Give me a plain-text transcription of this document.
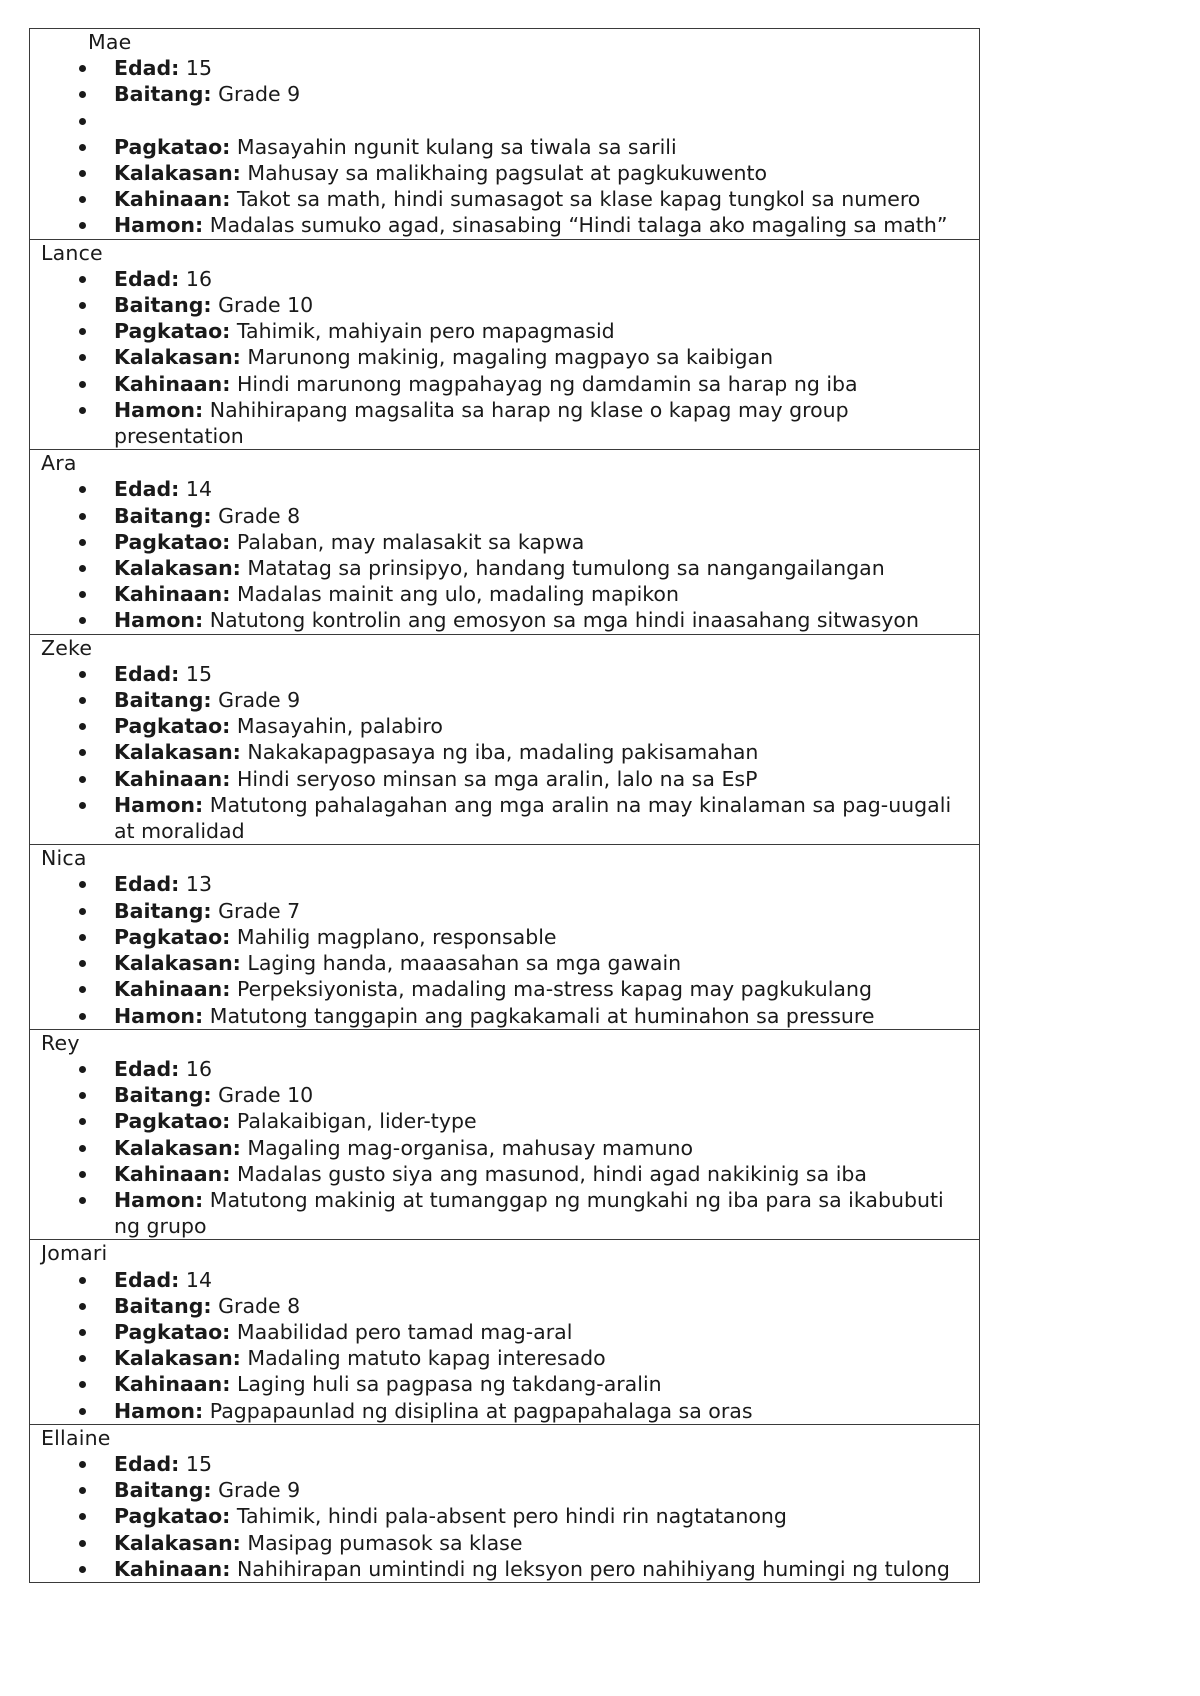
Mae
Edad: 15
Baitang: Grade 9
Pagkatao: Masayahin ngunit kulang sa tiwala sa sarili
Kalakasan: Mahusay sa malikhaing pagsulat at pagkukuwento
Kahinaan: Takot sa math, hindi sumasagot sa klase kapag tungkol sa numero
Hamon: Madalas sumuko agad, sinasabing “Hindi talaga ako magaling sa math”

Lance
Edad: 16
Baitang: Grade 10
Pagkatao: Tahimik, mahiyain pero mapagmasid
Kalakasan: Marunong makinig, magaling magpayo sa kaibigan
Kahinaan: Hindi marunong magpahayag ng damdamin sa harap ng iba
Hamon: Nahihirapang magsalita sa harap ng klase o kapag may group presentation

Ara
Edad: 14
Baitang: Grade 8
Pagkatao: Palaban, may malasakit sa kapwa
Kalakasan: Matatag sa prinsipyo, handang tumulong sa nangangailangan
Kahinaan: Madalas mainit ang ulo, madaling mapikon
Hamon: Natutong kontrolin ang emosyon sa mga hindi inaasahang sitwasyon

Zeke
Edad: 15
Baitang: Grade 9
Pagkatao: Masayahin, palabiro
Kalakasan: Nakakapagpasaya ng iba, madaling pakisamahan
Kahinaan: Hindi seryoso minsan sa mga aralin, lalo na sa EsP
Hamon: Matutong pahalagahan ang mga aralin na may kinalaman sa pag-uugali at moralidad

Nica
Edad: 13
Baitang: Grade 7
Pagkatao: Mahilig magplano, responsable
Kalakasan: Laging handa, maaasahan sa mga gawain
Kahinaan: Perpeksiyonista, madaling ma-stress kapag may pagkukulang
Hamon: Matutong tanggapin ang pagkakamali at huminahon sa pressure

Rey
Edad: 16
Baitang: Grade 10
Pagkatao: Palakaibigan, lider-type
Kalakasan: Magaling mag-organisa, mahusay mamuno
Kahinaan: Madalas gusto siya ang masunod, hindi agad nakikinig sa iba
Hamon: Matutong makinig at tumanggap ng mungkahi ng iba para sa ikabubuti ng grupo

Jomari
Edad: 14
Baitang: Grade 8
Pagkatao: Maabilidad pero tamad mag-aral
Kalakasan: Madaling matuto kapag interesado
Kahinaan: Laging huli sa pagpasa ng takdang-aralin
Hamon: Pagpapaunlad ng disiplina at pagpapahalaga sa oras

Ellaine
Edad: 15
Baitang: Grade 9
Pagkatao: Tahimik, hindi pala-absent pero hindi rin nagtatanong
Kalakasan: Masipag pumasok sa klase
Kahinaan: Nahihirapan umintindi ng leksyon pero nahihiyang humingi ng tulong
